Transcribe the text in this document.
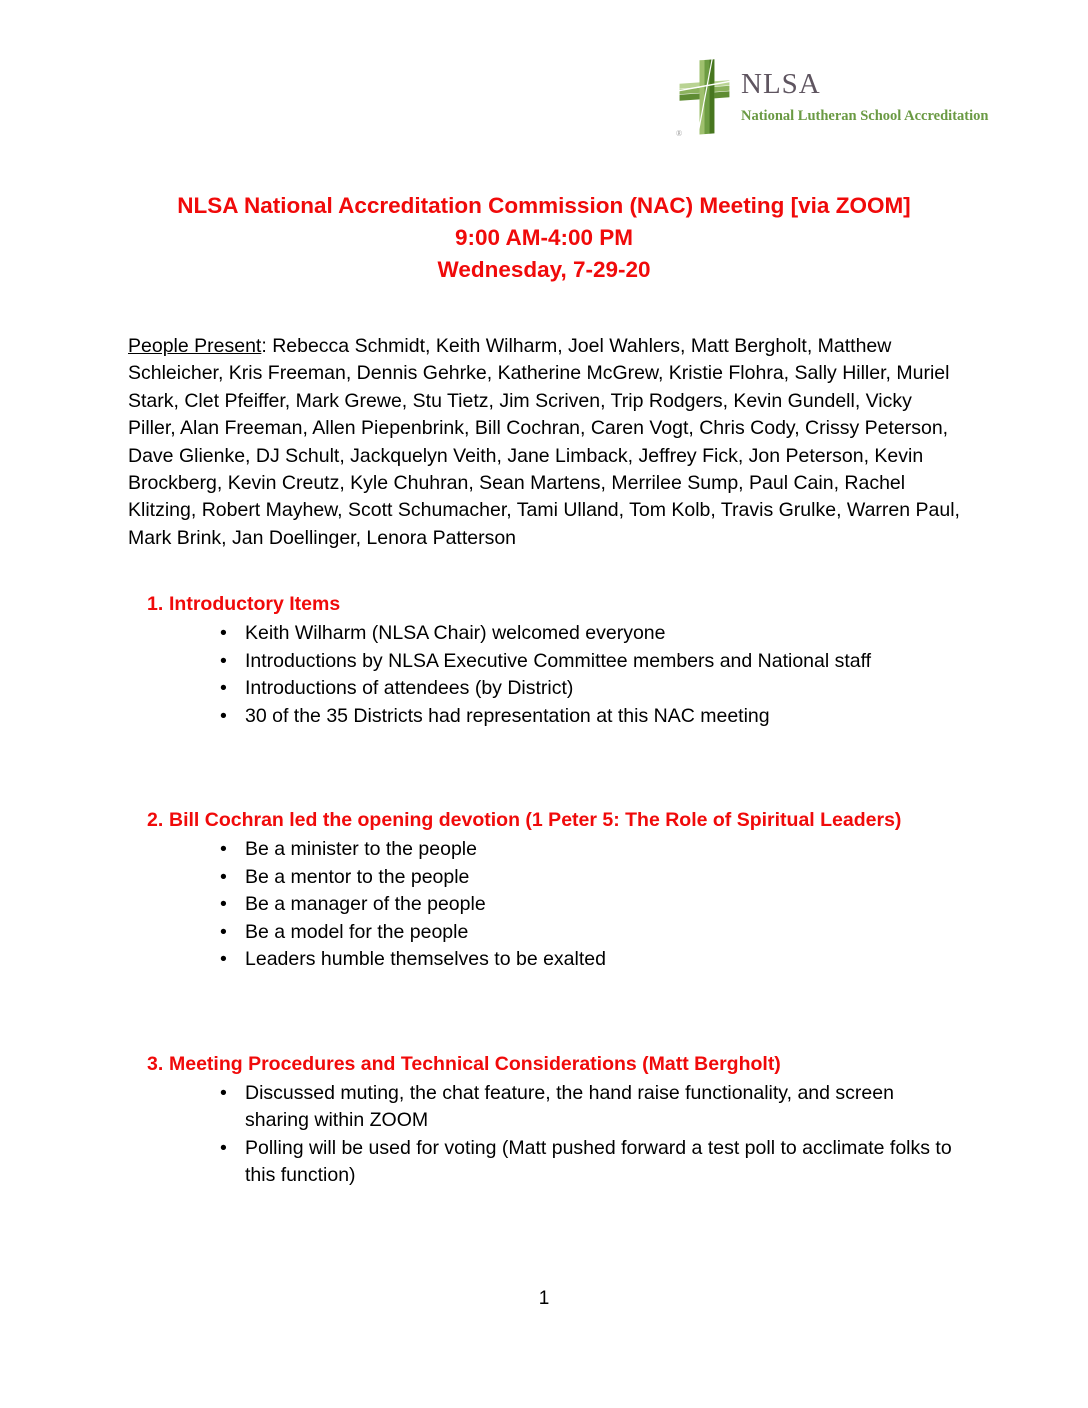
®
NLSA
National Lutheran School Accreditation
NLSA National Accreditation Commission (NAC) Meeting [via ZOOM]
9:00 AM-4:00 PM
Wednesday, 7-29-20

People Present: Rebecca Schmidt, Keith Wilharm, Joel Wahlers, Matt Bergholt, Matthew Schleicher, Kris Freeman, Dennis Gehrke, Katherine McGrew, Kristie Flohra, Sally Hiller, Muriel Stark, Clet Pfeiffer, Mark Grewe, Stu Tietz, Jim Scriven, Trip Rodgers, Kevin Gundell, Vicky Piller, Alan Freeman, Allen Piepenbrink, Bill Cochran, Caren Vogt, Chris Cody, Crissy Peterson, Dave Glienke, DJ Schult, Jackquelyn Veith, Jane Limback, Jeffrey Fick, Jon Peterson, Kevin Brockberg, Kevin Creutz, Kyle Chuhran, Sean Martens, Merrilee Sump, Paul Cain, Rachel Klitzing, Robert Mayhew, Scott Schumacher, Tami Ulland, Tom Kolb, Travis Grulke, Warren Paul, Mark Brink, Jan Doellinger, Lenora Patterson

1. Introductory Items
• Keith Wilharm (NLSA Chair) welcomed everyone
• Introductions by NLSA Executive Committee members and National staff
• Introductions of attendees (by District)
• 30 of the 35 Districts had representation at this NAC meeting
2. Bill Cochran led the opening devotion (1 Peter 5: The Role of Spiritual Leaders)
• Be a minister to the people
• Be a mentor to the people
• Be a manager of the people
• Be a model for the people
• Leaders humble themselves to be exalted
3. Meeting Procedures and Technical Considerations (Matt Bergholt)
• Discussed muting, the chat feature, the hand raise functionality, and screen sharing within ZOOM
• Polling will be used for voting (Matt pushed forward a test poll to acclimate folks to this function)
1
